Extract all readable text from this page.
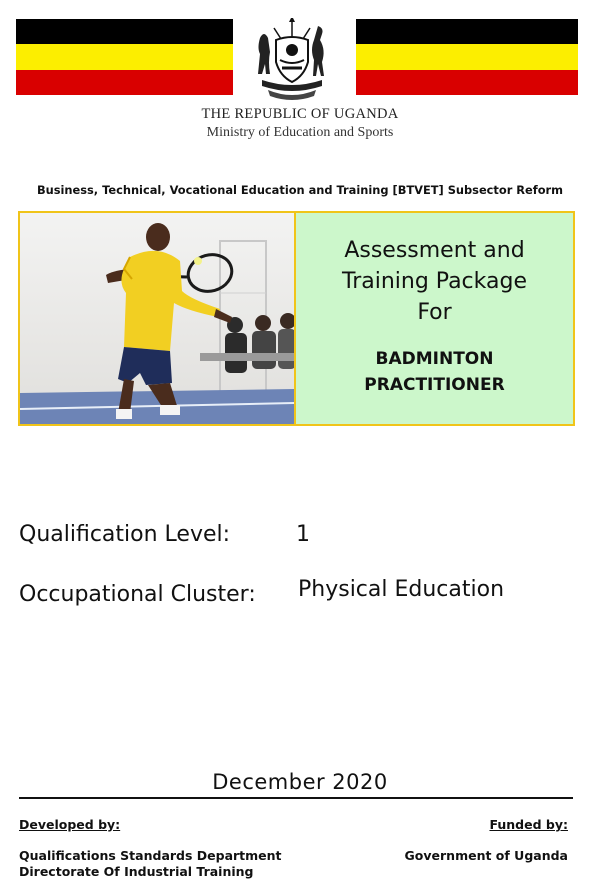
THE REPUBLIC OF UGANDA
Ministry of Education and Sports
Business, Technical, Vocational Education and Training [BTVET] Subsector Reform
Assessment and
Training Package
For
BADMINTON
PRACTITIONER
Qualification Level:	1
Occupational Cluster: Physical Education
December 2020
Developed by:	Funded by:
Qualifications Standards Department
Directorate Of Industrial Training
Government of Uganda
